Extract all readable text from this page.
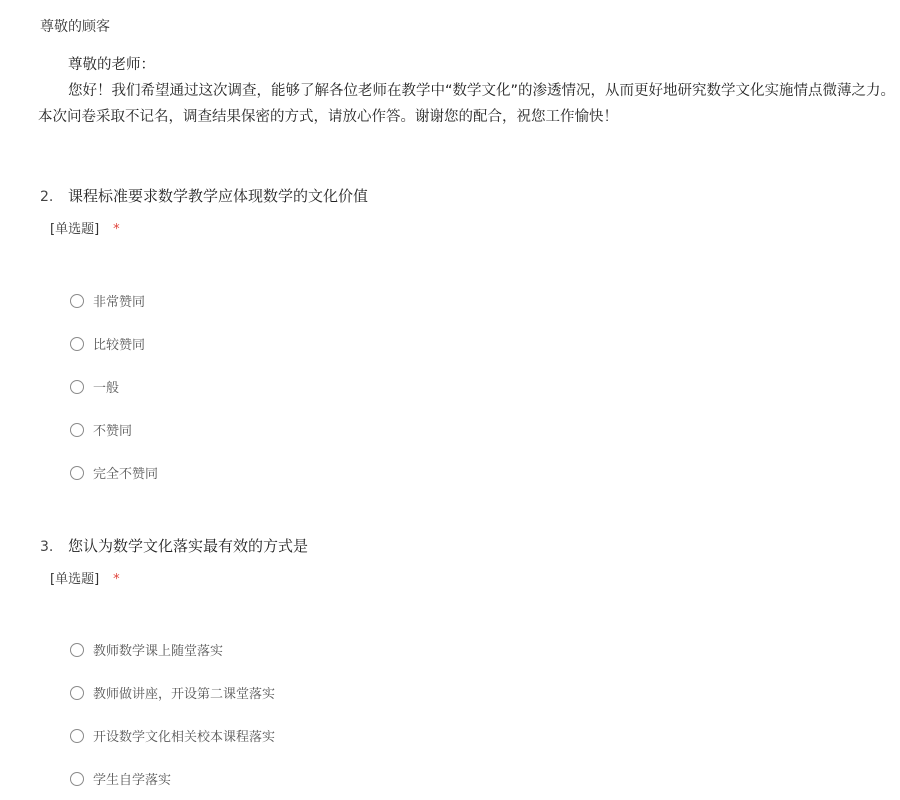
尊敬的顾客
尊敬的老师：
您好！我们希望通过这次调查，能够了解各位老师在教学中“数学文化”的渗透情况，从而更好地研究数学文化实施情点微薄之力。本次问卷采取不记名，调查结果保密的方式，请放心作答。谢谢您的配合，祝您工作愉快！
2. 课程标准要求数学教学应体现数学的文化价值
[单选题] *
非常赞同
比较赞同
一般
不赞同
完全不赞同
3. 您认为数学文化落实最有效的方式是
[单选题] *
教师数学课上随堂落实
教师做讲座，开设第二课堂落实
开设数学文化相关校本课程落实
学生自学落实
